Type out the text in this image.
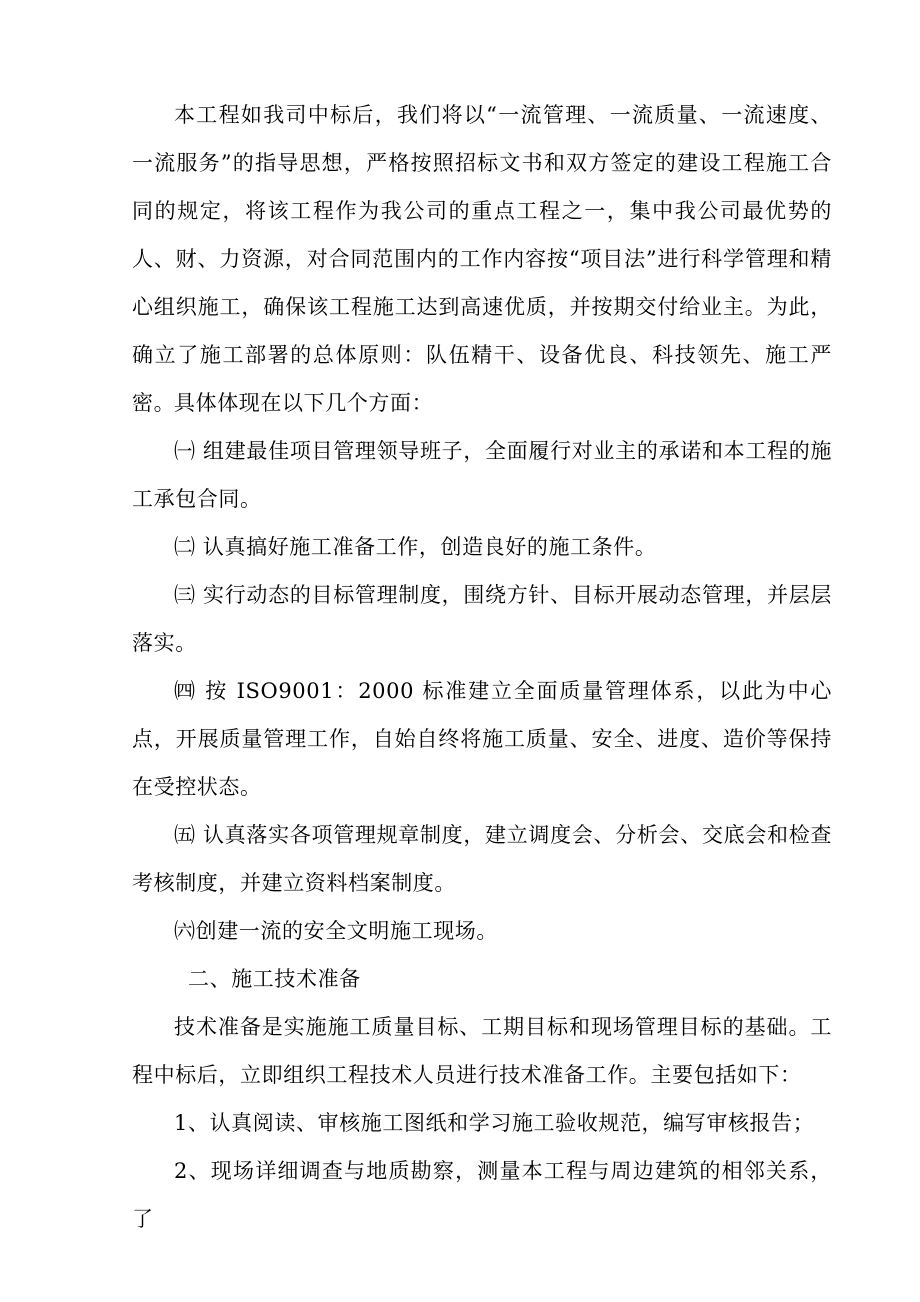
本工程如我司中标后，我们将以“一流管理、一流质量、一流速度、一流服务”的指导思想，严格按照招标文书和双方签定的建设工程施工合同的规定，将该工程作为我公司的重点工程之一，集中我公司最优势的人、财、力资源，对合同范围内的工作内容按“项目法”进行科学管理和精心组织施工，确保该工程施工达到高速优质，并按期交付给业主。为此，确立了施工部署的总体原则：队伍精干、设备优良、科技领先、施工严密。

具体体现在以下几个方面：

㈠ 组建最佳项目管理领导班子，全面履行对业主的承诺和本工程的施工承包合同。

㈡ 认真搞好施工准备工作，创造良好的施工条件。

㈢ 实行动态的目标管理制度，围绕方针、目标开展动态管理，并层层落实。

㈣ 按 ISO9001：2000 标准建立全面质量管理体系，以此为中心点，开展质量管理工作，自始自终将施工质量、安全、进度、造价等保持在受控状态。

㈤ 认真落实各项管理规章制度，建立调度会、分析会、交底会和检查考核制度，并建立资料档案制度。

㈥创建一流的安全文明施工现场。

二、施工技术准备

技术准备是实施施工质量目标、工期目标和现场管理目标的基础。工程中标后，立即组织工程技术人员进行技术准备工作。主要包括如下：

1、认真阅读、审核施工图纸和学习施工验收规范，编写审核报告；

2、现场详细调查与地质勘察，测量本工程与周边建筑的相邻关系，了
